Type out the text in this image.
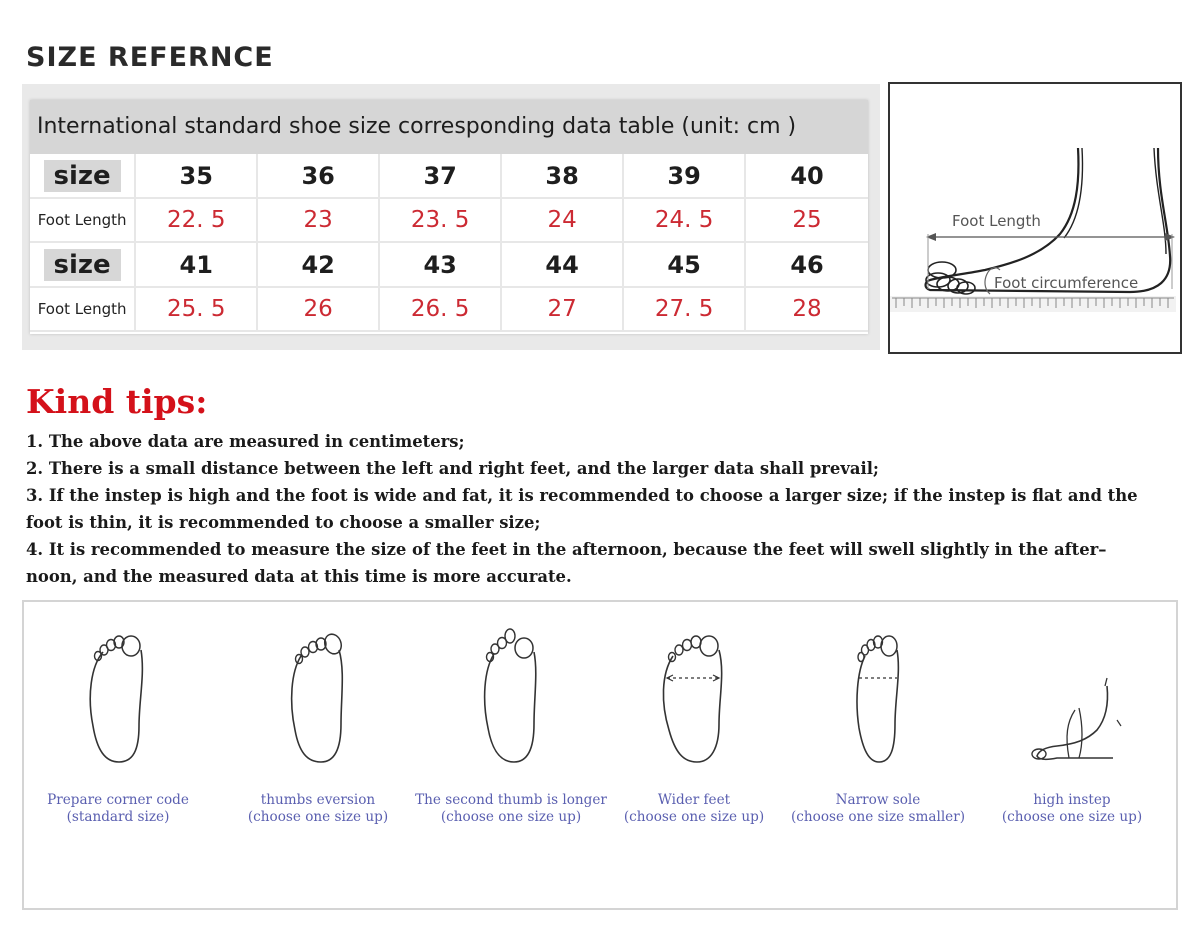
SIZE REFERNCE
International standard shoe size corresponding data table (unit: cm )
size	35	36	37	38	39	40
Foot Length 22. 5	23	23. 5	24	24. 5	25
size	41	42	43	44	45	46
Foot Length 25. 5	26	26. 5	27	27. 5	28
Foot Length
Foot circumference
Kind tips:

1. The above data are measured in centimeters;

2. There is a small distance between the left and right feet, and the larger data shall prevail;

3. If the instep is high and the foot is wide and fat, it is recommended to choose a larger size; if the instep is flat and the foot is thin, it is recommended to choose a smaller size;

4. It is recommended to measure the size of the feet in the afternoon, because the feet will swell slightly in the after–noon, and the measured data at this time is more accurate.

Prepare corner code
(standard size)
thumbs eversion
(choose one size up)
The second thumb is longer
(choose one size up)
Wider feet
(choose one size up)
Narrow sole
(choose one size smaller)
high instep
(choose one size up)
